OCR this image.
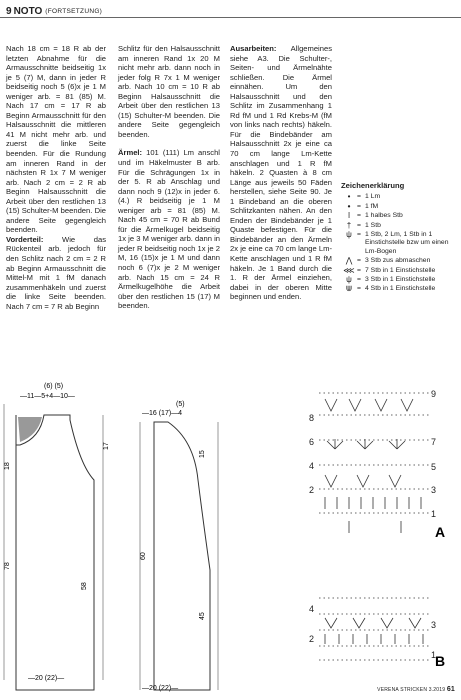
9 NOTO (FORTSETZUNG)

Nach 18 cm = 18 R ab der letzten Abnahme für die Armausschnitte beidseitig 1x je 5 (7) M, dann in jeder R beidseitig noch 5 (6)x je 1 M weniger arb. = 81 (85) M. Nach 17 cm = 17 R ab Beginn Armausschnitt für den Halsausschnitt die mittleren 41 M nicht mehr arb. und zuerst die linke Seite beenden. Für die Rundung am inneren Rand in der nächsten R 1x 7 M weniger arb. Nach 2 cm = 2 R ab Beginn Halsausschnitt die Arbeit über den restlichen 13 (15) Schulter-M beenden. Die andere Seite gegengleich beenden.

Vorderteil: Wie das Rückenteil arb. jedoch für den Schlitz nach 2 cm = 2 R ab Beginn Armausschnitt die Mittel-M mit 1 fM danach zusammenhäkeln und zuerst die linke Seite beenden. Nach 7 cm = 7 R ab Beginn

Schlitz für den Halsausschnitt am inneren Rand 1x 20 M nicht mehr arb. dann noch in jeder folg R 7x 1 M weniger arb. Nach 10 cm = 10 R ab Beginn Halsausschnitt die Arbeit über den restlichen 13 (15) Schulter-M beenden. Die andere Seite gegengleich beenden.

Ärmel: 101 (111) Lm anschl und im Häkelmuster B arb. Für die Schrägungen 1x in der 5. R ab Anschlag und dann noch 9 (12)x in jeder 6. (4.) R beidseitig je 1 M weniger arb = 81 (85) M. Nach 45 cm = 70 R ab Bund für die Ärmelkugel beidseitig 1x je 3 M weniger arb. dann in jeder R beidseitig noch 1x je 2 M, 16 (15)x je 1 M und dann noch 6 (7)x je 2 M weniger arb. Nach 15 cm = 24 R Ärmelkugelhöhe die Arbeit über den restlichen 15 (17) M beenden.

Ausarbeiten: Allgemeines siehe A3. Die Schulter-, Seiten- und Ärmelnähte schließen. Die Ärmel einnähen. Um den Halsausschnitt und den Schlitz im Zusammenhang 1 Rd fM und 1 Rd Krebs-M (fM von links nach rechts) häkeln. Für die Bindebänder am Halsausschnitt 2x je eine ca 70 cm lange Lm-Kette anschlagen und 1 R fM häkeln. 2 Quasten à 8 cm Länge aus jeweils 50 Fäden herstellen, siehe Seite 90. Je 1 Bindeband an die oberen Schlitzkanten nähen. An den Enden der Bindebänder je 1 Quaste befestigen. Für die Bindebänder an den Ärmeln 2x je eine ca 70 cm lange Lm-Kette anschlagen und 1 R fM häkeln. Je 1 Band durch die 1. R der Ärmel einziehen, dabei in der oberen Mitte beginnen und enden.

Zeichenerklärung
• = 1 Lm
• = 1 fM
ǀ	= 1 halbes Stb
† = 1 Stb
ψ = 1 Stb, 2 Lm, 1 Stb in 1 Einstichstelle bzw um einen Lm-Bogen
⋀ = 3 Stb zus abmaschen
⋘ = 7 Stb in 1 Einstichstelle
ψ = 3 Stb in 1 Einstichstelle
⋓ = 4 Stb in 1 Einstichstelle
(6) (5)
—11—5+4—10—
18
78
17
58
—20 (22)—
(5)
—16 (17)—4
60
15
45
—20 (22)—
9
7
5
3
1
8
6
4
2
A
4
2
3
1
B
VERENA STRICKEN 3.2019 61
